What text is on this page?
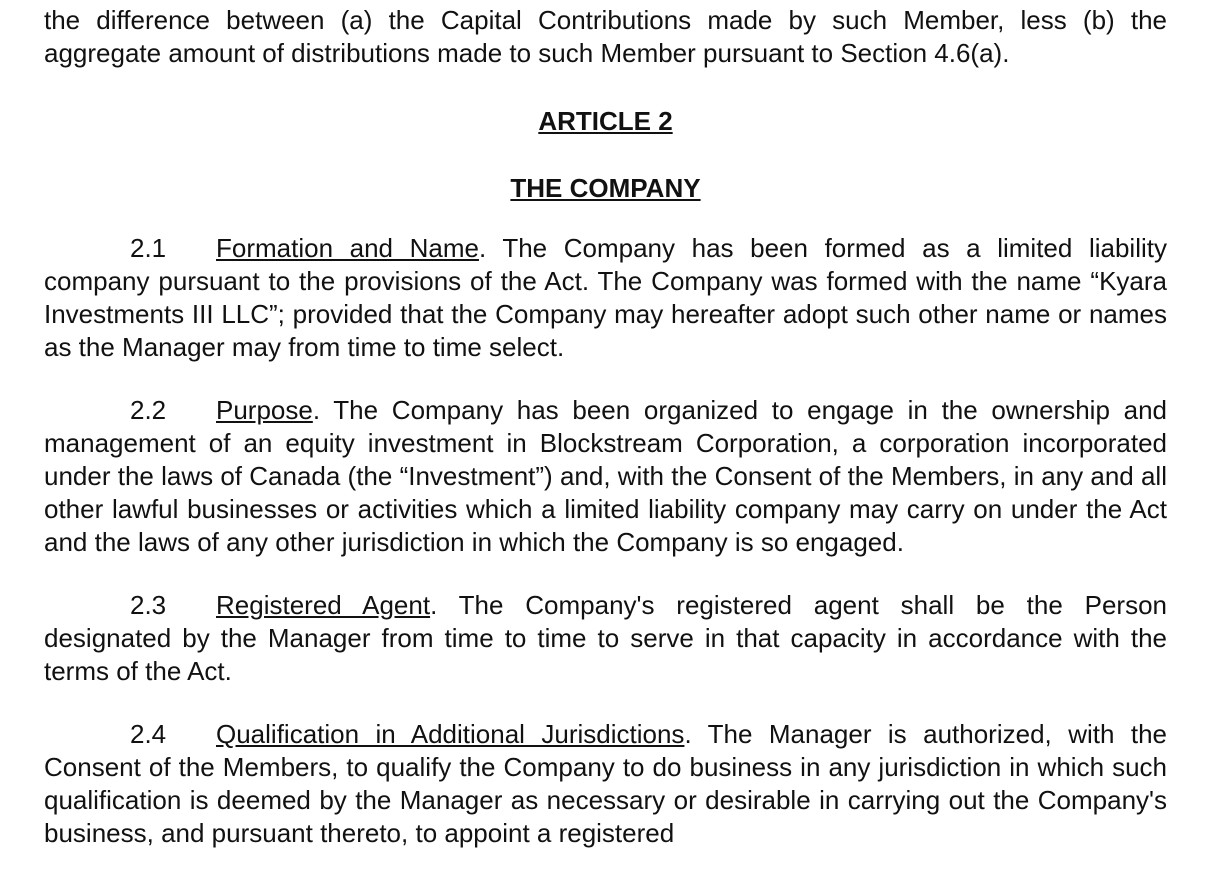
the difference between (a) the Capital Contributions made by such Member, less (b) the aggregate amount of distributions made to such Member pursuant to Section 4.6(a).

ARTICLE 2

THE COMPANY

2.1 Formation and Name. The Company has been formed as a limited liability company pursuant to the provisions of the Act. The Company was formed with the name “Kyara Investments III LLC”; provided that the Company may hereafter adopt such other name or names as the Manager may from time to time select.

2.2 Purpose. The Company has been organized to engage in the ownership and management of an equity investment in Blockstream Corporation, a corporation incorporated under the laws of Canada (the “Investment”) and, with the Consent of the Members, in any and all other lawful businesses or activities which a limited liability company may carry on under the Act and the laws of any other jurisdiction in which the Company is so engaged.

2.3 Registered Agent. The Company's registered agent shall be the Person designated by the Manager from time to time to serve in that capacity in accordance with the terms of the Act.

2.4 Qualification in Additional Jurisdictions. The Manager is authorized, with the Consent of the Members, to qualify the Company to do business in any jurisdiction in which such qualification is deemed by the Manager as necessary or desirable in carrying out the Company's business, and pursuant thereto, to appoint a registered
